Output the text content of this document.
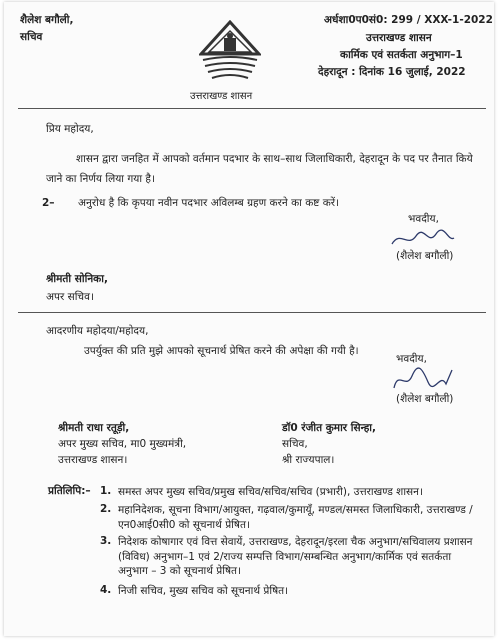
शैलेश बगौली,
सचिव
उत्तराखण्ड शासन
अर्धशा0प0सं0: 299 / XXX-1-2022
उत्तराखण्ड शासन
कार्मिक एवं सतर्कता अनुभाग–1
देहरादून : दिनांक 16 जुलाई, 2022
प्रिय महोदय,
शासन द्वारा जनहित में आपको वर्तमान पदभार के साथ–साथ जिलाधिकारी, देहरादून के पद पर तैनात किये जाने का निर्णय लिया गया है।
2– अनुरोध है कि कृपया नवीन पदभार अविलम्ब ग्रहण करने का कष्ट करें।
भवदीय,
(शैलेश बगौली)
श्रीमती सोनिका,
अपर सचिव।
आदरणीय महोदया/महोदय,
उपर्युक्त की प्रति मुझे आपको सूचनार्थ प्रेषित करने की अपेक्षा की गयी है।
भवदीय,
(शैलेश बगौली)
श्रीमती राधा रतूड़ी,
अपर मुख्य सचिव, मा0 मुख्यमंत्री,
उत्तराखण्ड शासन।
डॉ0 रंजीत कुमार सिन्हा,
सचिव,
श्री राज्यपाल।
प्रतिलिपि:– 1. समस्त अपर मुख्य सचिव/प्रमुख सचिव/सचिव/सचिव (प्रभारी), उत्तराखण्ड शासन।
2. महानिदेशक, सूचना विभाग/आयुक्त, गढ़वाल/कुमायूँ, मण्डल/समस्त जिलाधिकारी, उत्तराखण्ड /एन0आई0सी0 को सूचनार्थ प्रेषित।
3. निदेशक कोषागार एवं वित्त सेवायें, उत्तराखण्ड, देहरादून/इरला चैक अनुभाग/सचिवालय प्रशासन (विविध) अनुभाग–1 एवं 2/राज्य सम्पत्ति विभाग/सम्बन्धित अनुभाग/कार्मिक एवं सतर्कता अनुभाग – 3 को सूचनार्थ प्रेषित।
4. निजी सचिव, मुख्य सचिव को सूचनार्थ प्रेषित।
